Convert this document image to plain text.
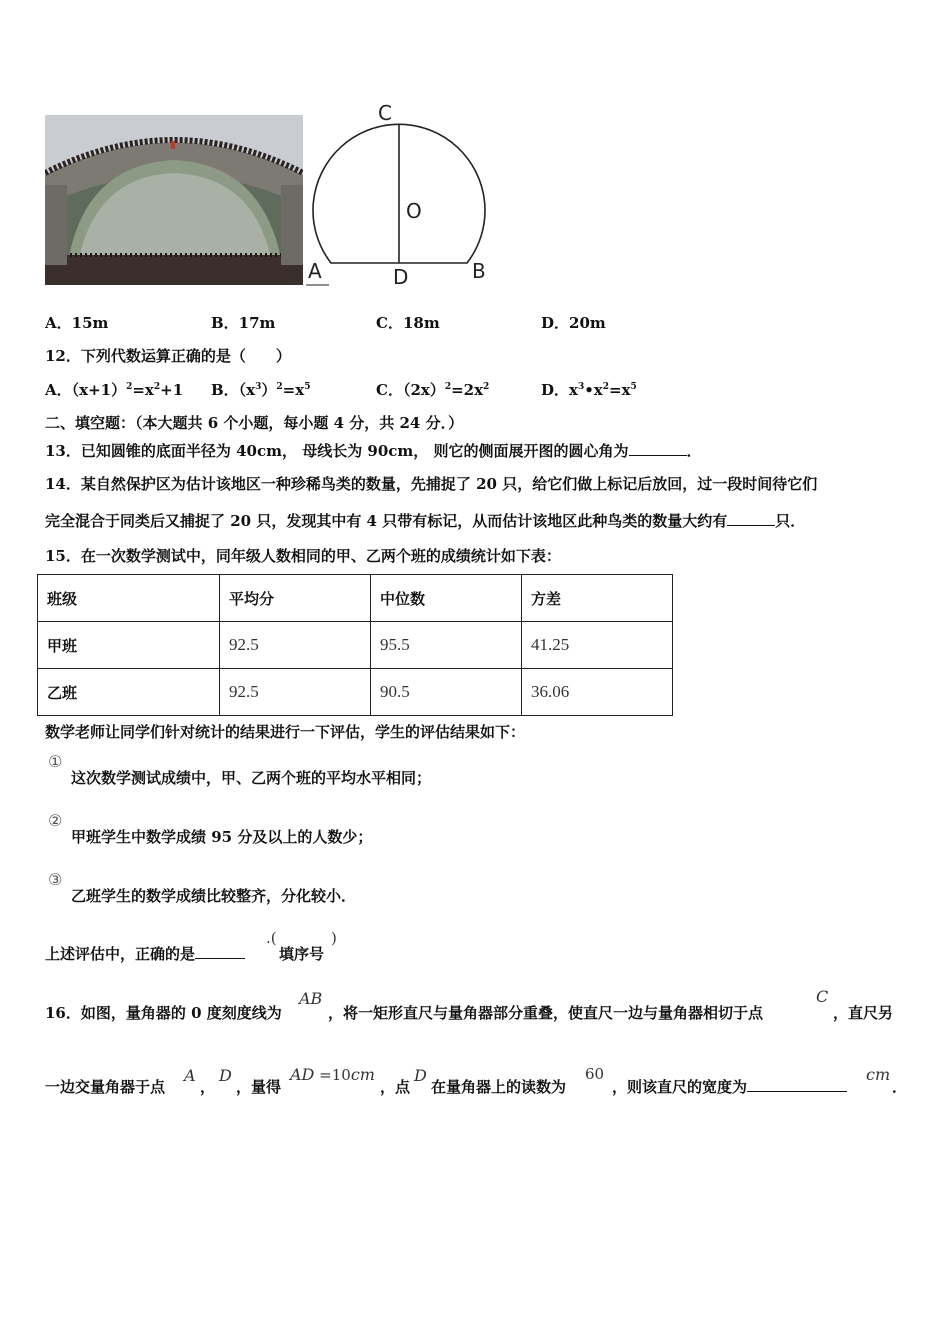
C
O
A	D	B
A．15m	B．17m	C．18m	D．20m
12．下列代数运算正确的是（　　）
A．$(x+1)^2=x^2+1$ B．$(x^3)^2=x^5$	C．$(2x)^2=2x^2$	D．$x^3•x^2=x^5$
二、填空题：（本大题共 6 个小题，每小题 4 分，共 24 分．）
13．已知圆锥的底面半径为 40cm， 母线长为 90cm， 则它的侧面展开图的圆心角为	．
14．某自然保护区为估计该地区一种珍稀鸟类的数量，先捕捉了 20 只，给它们做上标记后放回，过一段时间待它们
完全混合于同类后又捕捉了 20 只，发现其中有 4 只带有标记，从而估计该地区此种鸟类的数量大约有	只．
15．在一次数学测试中，同年级人数相同的甲、乙两个班的成绩统计如下表：
班级	平均分	中位数	方差
甲班	92.5	95.5	41.25
乙班	92.5	90.5	36.06
数学老师让同学们针对统计的结果进行一下评估，学生的评估结果如下：
①
这次数学测试成绩中，甲、乙两个班的平均水平相同；
②
甲班学生中数学成绩 95 分及以上的人数少；
③
乙班学生的数学成绩比较整齐，分化较小．
上述评估中，正确的是
.(
填序号
)
16．如图，量角器的 0 度刻度线为
AB
，将一矩形直尺与量角器部分重叠，使直尺一边与量角器相切于点
C
，直尺另
一边交量角器于点
A
，
D
，量得
AD =10cm
，点
D
在量角器上的读数为
60
，则该直尺的宽度为
cm
．
